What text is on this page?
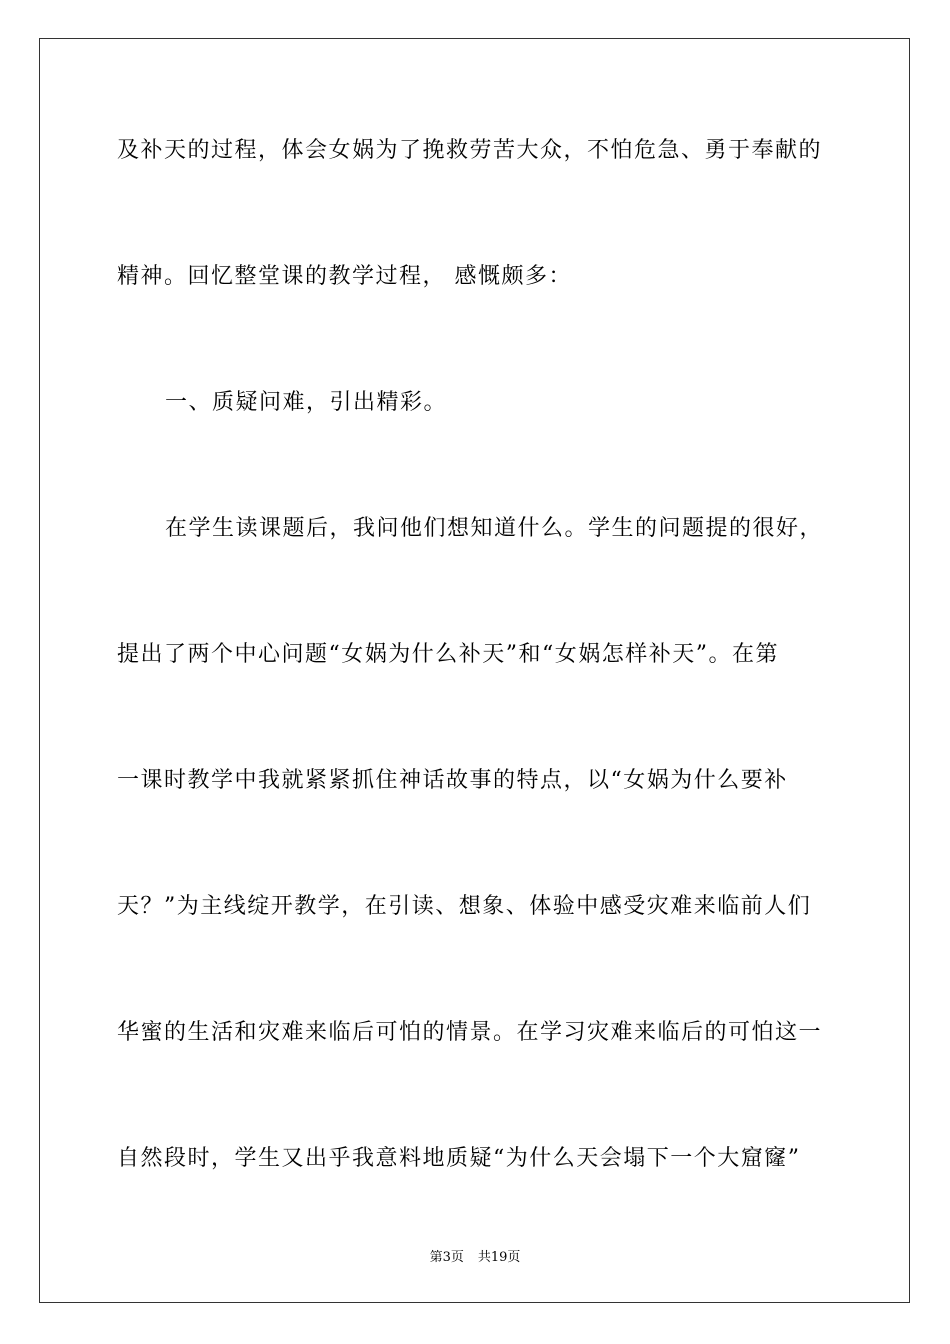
及补天的过程，体会女娲为了挽救劳苦大众，不怕危急、勇于奉献的
精神。回忆整堂课的教学过程， 感慨颇多：
一、质疑问难，引出精彩。
在学生读课题后，我问他们想知道什么。学生的问题提的很好，
提出了两个中心问题“女娲为什么补天”和“女娲怎样补天”。在第
一课时教学中我就紧紧抓住神话故事的特点，以“女娲为什么要补
天？”为主线绽开教学，在引读、想象、体验中感受灾难来临前人们
华蜜的生活和灾难来临后可怕的情景。在学习灾难来临后的可怕这一
自然段时，学生又出乎我意料地质疑“为什么天会塌下一个大窟窿”
第3页 共19页
